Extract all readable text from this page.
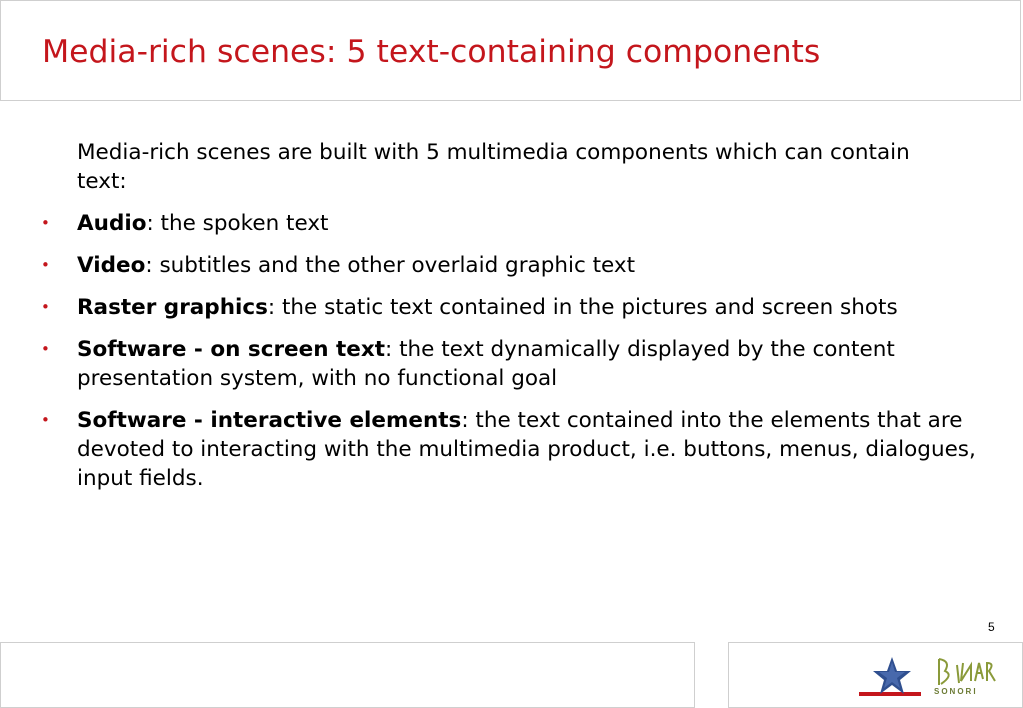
Media-rich scenes: 5 text-containing components

Media-rich scenes are built with 5 multimedia components which can contain text:

• Audio: the spoken text
• Video: subtitles and the other overlaid graphic text
• Raster graphics: the static text contained in the pictures and screen shots
• Software - on screen text: the text dynamically displayed by the content presentation system, with no functional goal
• Software - interactive elements: the text contained into the elements that are devoted to interacting with the multimedia product, i.e. buttons, menus, dialogues, input fields.
5
SONORI
